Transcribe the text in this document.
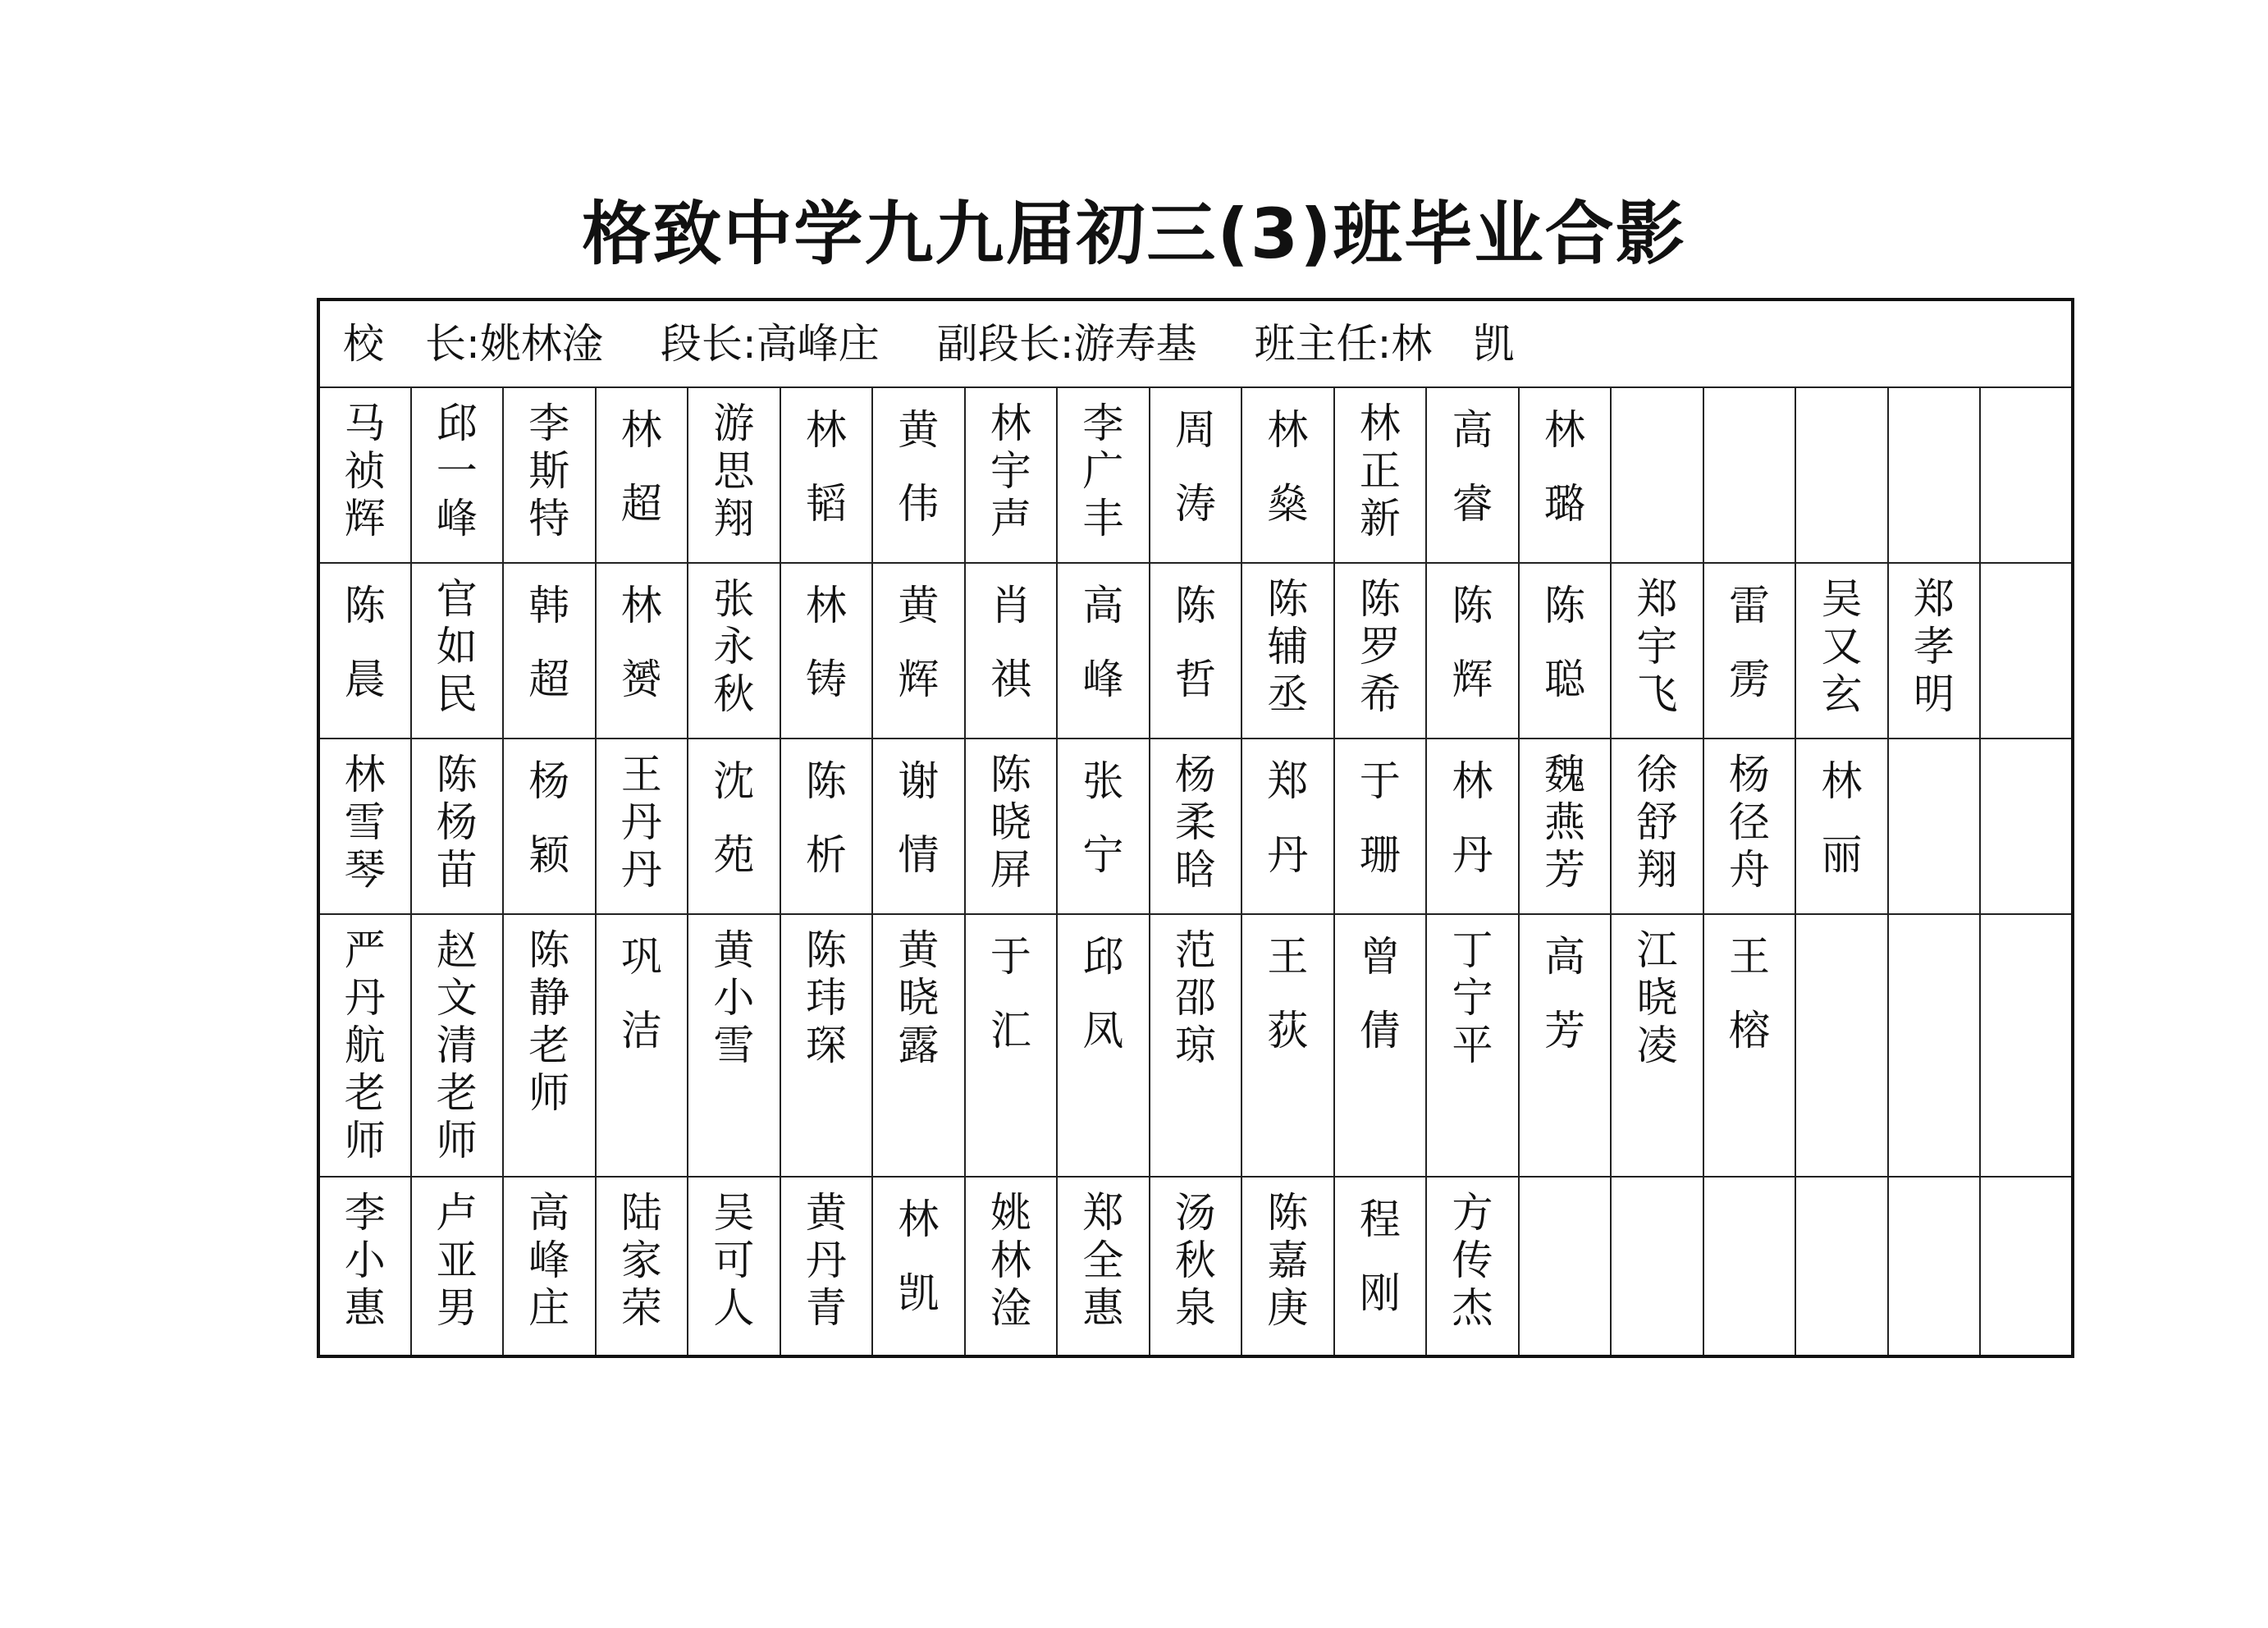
格致中学九九届初三(3)班毕业合影
校　长:姚林淦 段长:高峰庄 副段长:游寿基 班主任:林　凯																		

马祯辉	邱一峰	李斯特	林超	游思翔	林韬	黄伟	林宇声	李广丰	周涛	林燊	林正新	高睿	林璐					

陈晨	官如民	韩超	林赟	张永秋	林铸	黄辉	肖祺	高峰	陈哲	陈辅丞	陈罗希	陈辉	陈聪	郑宇飞	雷雳	吴又玄	郑孝明	

林雪琴	陈杨苗	杨颖	王丹丹	沈苑	陈析	谢情	陈晓屏	张宁	杨柔晗	郑丹	于珊	林丹	魏燕芳	徐舒翔	杨径舟	林丽		

严丹航老师	赵文清老师	陈　静老师	巩洁	黄小雪	陈玮琛	黄晓露	于汇	邱凤	范邵琼	王荻	曾倩	丁宁平	高芳	江晓凌	王榕			

李小惠	卢亚男	高峰庄	陆家荣	吴可人	黄丹青	林凯	姚林淦	郑全惠	汤秋泉	陈嘉庚	程刚	方传杰						
